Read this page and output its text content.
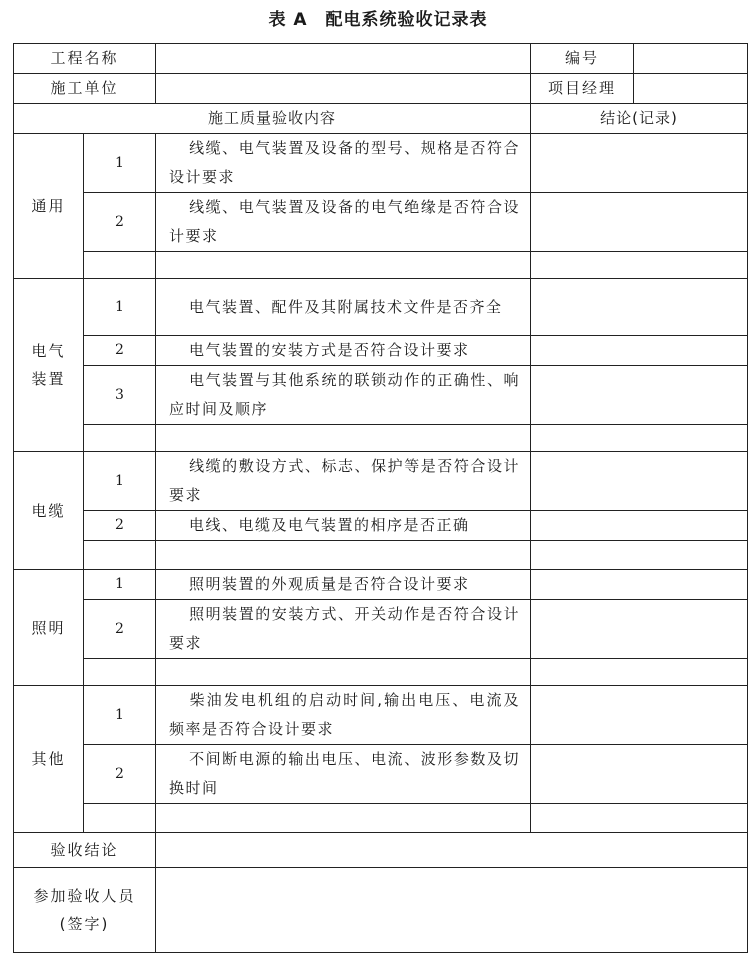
表 A 配电系统验收记录表
工程名称			编号	
施工单位			项目经理	
施工质量验收内容			结论(记录)	
通用	1	线缆、电气装置及设备的型号、规格是否符合设计要求		
	2	线缆、电气装置及设备的电气绝缘是否符合设计要求		

电气装置	1	电气装置、配件及其附属技术文件是否齐全		
	2	电气装置的安装方式是否符合设计要求		
	3	电气装置与其他系统的联锁动作的正确性、响应时间及顺序		

电缆	1	线缆的敷设方式、标志、保护等是否符合设计要求		
	2	电线、电缆及电气装置的相序是否正确		

照明	1	照明装置的外观质量是否符合设计要求		
	2	照明装置的安装方式、开关动作是否符合设计要求		

其他	1	柴油发电机组的启动时间,输出电压、电流及频率是否符合设计要求		
	2	不间断电源的输出电压、电流、波形参数及切换时间		

验收结论				

参加验收人员
(签字)				
